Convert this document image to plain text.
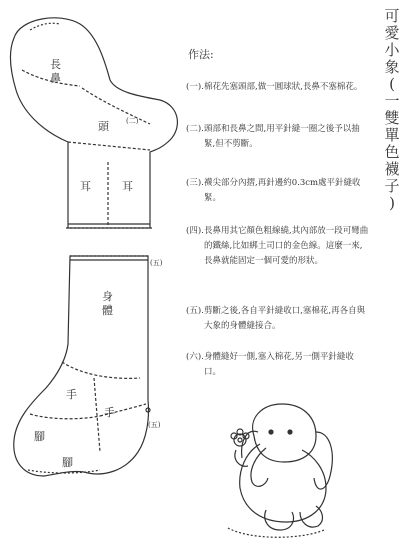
可
愛
小
象
(
一
雙
單
色
襪
子
)
作法:
(一).棉花先塞頭部,做一圓球狀,長鼻不塞棉花。
(二).頭部和長鼻之間,用平針縫一圈之後予以抽緊,但不剪斷。
(三).襪尖部分內摺,再針邊約0.3cm處平針縫收緊。
(四).長鼻用其它顏色粗線繞,其內部放一段可彎曲的鐵絲,比如綁土司口的金色線。這麼一來,長鼻就能固定一個可愛的形狀。
(五).剪斷之後,各自平針縫收口,塞棉花,再各自與大象的身體縫接合。
(六).身體縫好一側,塞入棉花,另一側平針縫收口。
長鼻
頭
耳	耳
身體
手
手
腳
腳
(二)
(五)
(五)
